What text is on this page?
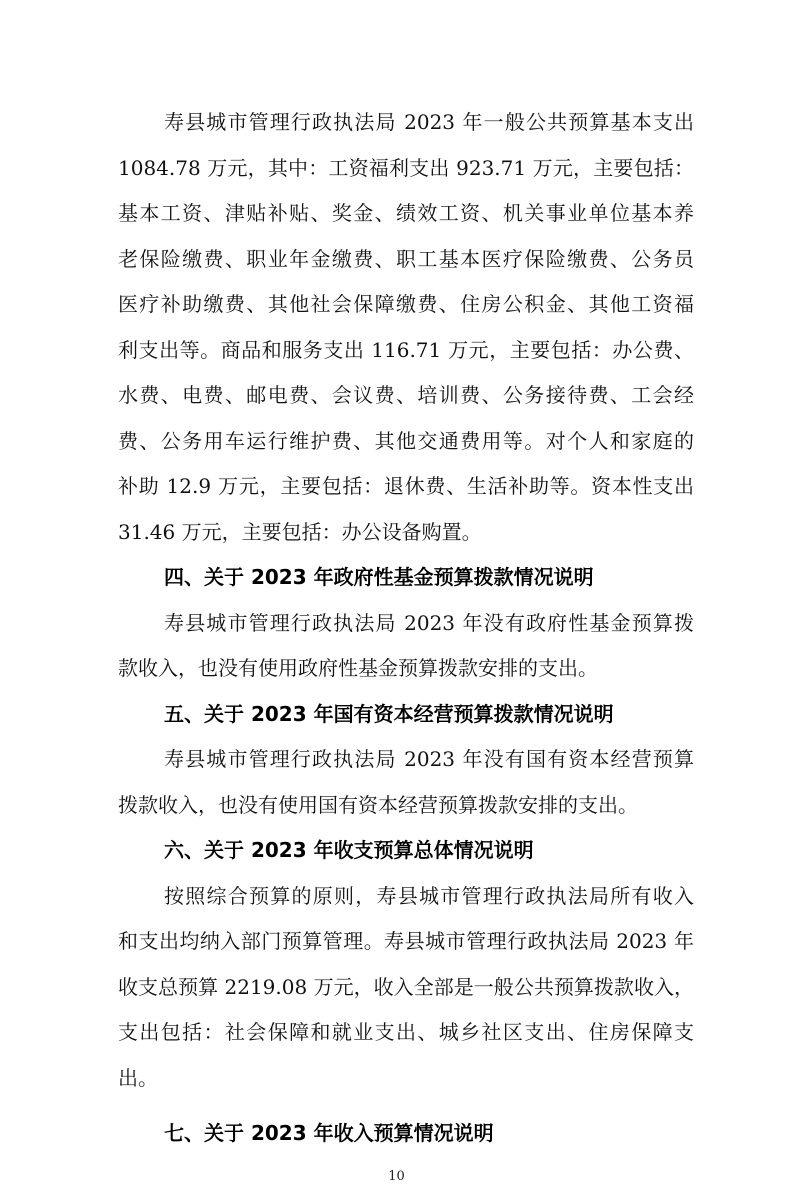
寿县城市管理行政执法局 2023 年一般公共预算基本支出

1084.78 万元，其中：工资福利支出 923.71 万元，主要包括：

基本工资、津贴补贴、奖金、绩效工资、机关事业单位基本养

老保险缴费、职业年金缴费、职工基本医疗保险缴费、公务员

医疗补助缴费、其他社会保障缴费、住房公积金、其他工资福

利支出等。商品和服务支出 116.71 万元，主要包括：办公费、

水费、电费、邮电费、会议费、培训费、公务接待费、工会经

费、公务用车运行维护费、其他交通费用等。对个人和家庭的

补助 12.9 万元，主要包括：退休费、生活补助等。资本性支出

31.46 万元，主要包括：办公设备购置。

四、关于 2023 年政府性基金预算拨款情况说明

寿县城市管理行政执法局 2023 年没有政府性基金预算拨

款收入，也没有使用政府性基金预算拨款安排的支出。

五、关于 2023 年国有资本经营预算拨款情况说明

寿县城市管理行政执法局 2023 年没有国有资本经营预算

拨款收入，也没有使用国有资本经营预算拨款安排的支出。

六、关于 2023 年收支预算总体情况说明

按照综合预算的原则，寿县城市管理行政执法局所有收入

和支出均纳入部门预算管理。寿县城市管理行政执法局 2023 年

收支总预算 2219.08 万元，收入全部是一般公共预算拨款收入，

支出包括：社会保障和就业支出、城乡社区支出、住房保障支

出。

10
七、关于 2023 年收入预算情况说明
